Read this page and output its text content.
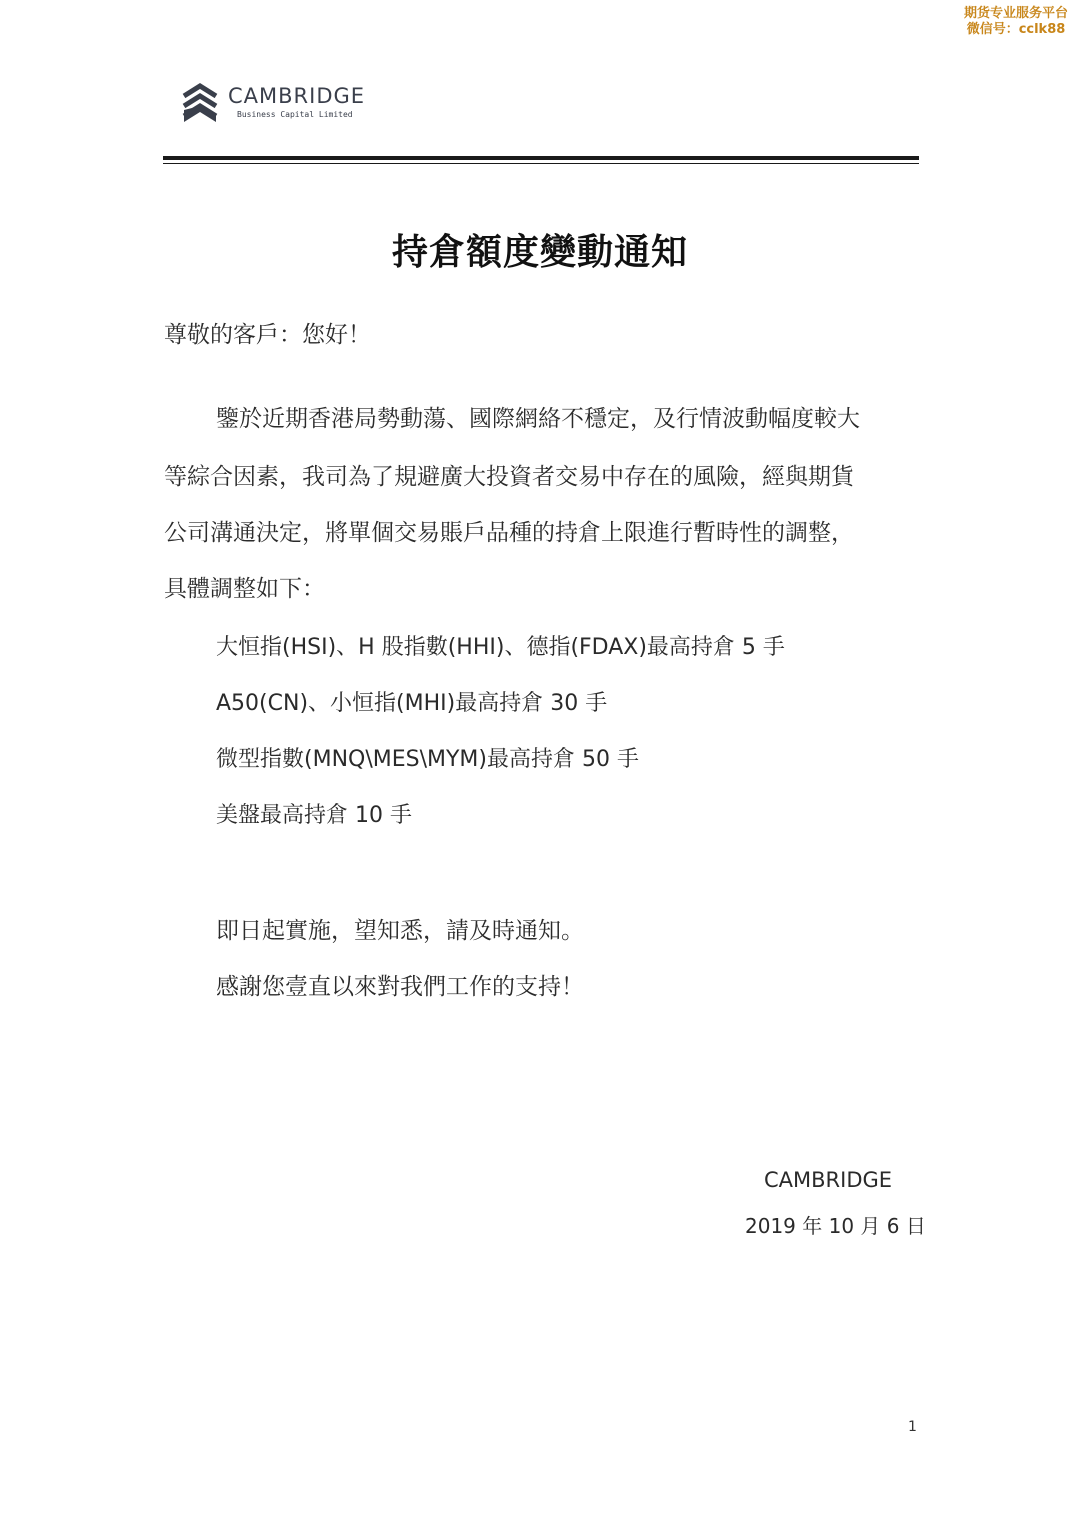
期货专业服务平台
微信号：cclk88
CAMBRIDGE
Business Capital Limited
持倉額度變動通知
尊敬的客戶：您好！
鑒於近期香港局勢動蕩、國際網絡不穩定，及行情波動幅度較大
等綜合因素，我司為了規避廣大投資者交易中存在的風險，經與期貨
公司溝通決定，將單個交易賬戶品種的持倉上限進行暫時性的調整，
具體調整如下：
大恒指(HSI)、H 股指數(HHI)、德指(FDAX)最高持倉 5 手
A50(CN)、小恒指(MHI)最高持倉 30 手
微型指數(MNQ\MES\MYM)最高持倉 50 手
美盤最高持倉 10 手
即日起實施，望知悉，請及時通知。
感謝您壹直以來對我們工作的支持！
CAMBRIDGE
2019 年 10 月 6 日
1
